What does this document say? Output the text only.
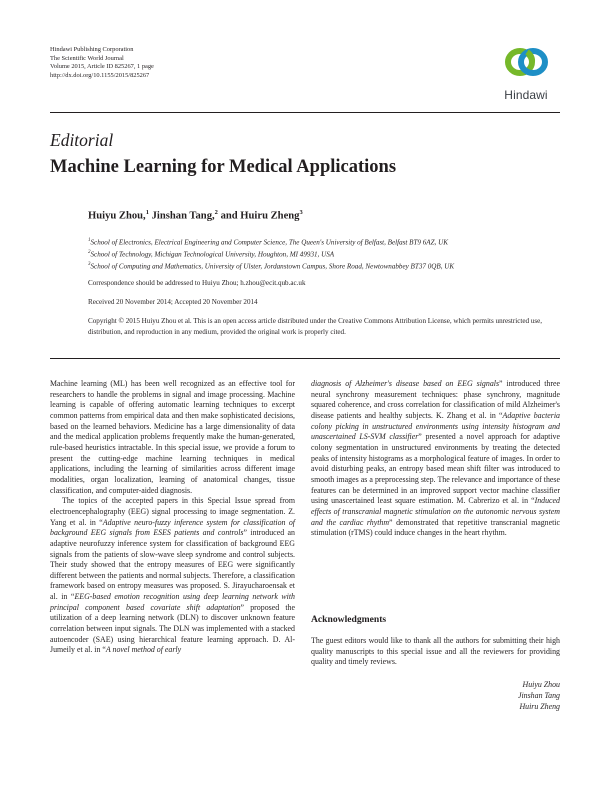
Hindawi Publishing Corporation
The Scientific World Journal
Volume 2015, Article ID 825267, 1 page
http://dx.doi.org/10.1155/2015/825267
Hindawi
Editorial
Machine Learning for Medical Applications
Huiyu Zhou,$^1$ Jinshan Tang,$^2$ and Huiru Zheng$^3$
$^1$School of Electronics, Electrical Engineering and Computer Science, The Queen's University of Belfast, Belfast BT9 6AZ, UK
$^2$School of Technology, Michigan Technological University, Houghton, MI 49931, USA
$^3$School of Computing and Mathematics, University of Ulster, Jordanstown Campus, Shore Road, Newtownabbey BT37 0QB, UK
Correspondence should be addressed to Huiyu Zhou; h.zhou@ecit.qub.ac.uk
Received 20 November 2014; Accepted 20 November 2014
Copyright © 2015 Huiyu Zhou et al. This is an open access article distributed under the Creative Commons Attribution License, which permits unrestricted use, distribution, and reproduction in any medium, provided the original work is properly cited.

Machine learning (ML) has been well recognized as an effective tool for researchers to handle the problems in signal and image processing. Machine learning is capable of offering automatic learning techniques to excerpt common patterns from empirical data and then make sophisticated decisions, based on the learned behaviors. Medicine has a large dimensionality of data and the medical application problems frequently make the human-generated, rule-based heuristics intractable. In this special issue, we provide a forum to present the cutting-edge machine learning techniques in medical applications, including the learning of similarities across different image modalities, organ localization, learning of anatomical changes, tissue classification, and computer-aided diagnosis.

The topics of the accepted papers in this Special Issue spread from electroencephalography (EEG) signal processing to image segmentation. Z. Yang et al. in “Adaptive neuro-fuzzy inference system for classification of background EEG signals from ESES patients and controls” introduced an adaptive neurofuzzy inference system for classification of background EEG signals from the patients of slow-wave sleep syndrome and control subjects. Their study showed that the entropy measures of EEG were significantly different between the patients and normal subjects. Therefore, a classification framework based on entropy measures was proposed. S. Jirayucharoensak et al. in “EEG-based emotion recognition using deep learning network with principal component based covariate shift adaptation” proposed the utilization of a deep learning network (DLN) to discover unknown feature correlation between input signals. The DLN was implemented with a stacked autoencoder (SAE) using hierarchical feature learning approach. D. Al-Jumeily et al. in “A novel method of early

diagnosis of Alzheimer's disease based on EEG signals” introduced three neural synchrony measurement techniques: phase synchrony, magnitude squared coherence, and cross correlation for classification of mild Alzheimer's disease patients and healthy subjects. K. Zhang et al. in “Adaptive bacteria colony picking in unstructured environments using intensity histogram and unascertained LS-SVM classifier” presented a novel approach for adaptive colony segmentation in unstructured environments by treating the detected peaks of intensity histograms as a morphological feature of images. In order to avoid disturbing peaks, an entropy based mean shift filter was introduced to smooth images as a preprocessing step. The relevance and importance of these features can be determined in an improved support vector machine classifier using unascertained least square estimation. M. Cabrerizo et al. in “Induced effects of transcranial magnetic stimulation on the autonomic nervous system and the cardiac rhythm” demonstrated that repetitive transcranial magnetic stimulation (rTMS) could induce changes in the heart rhythm.

Acknowledgments
The guest editors would like to thank all the authors for submitting their high quality manuscripts to this special issue and all the reviewers for providing quality and timely reviews.
Huiyu Zhou
Jinshan Tang
Huiru Zheng
